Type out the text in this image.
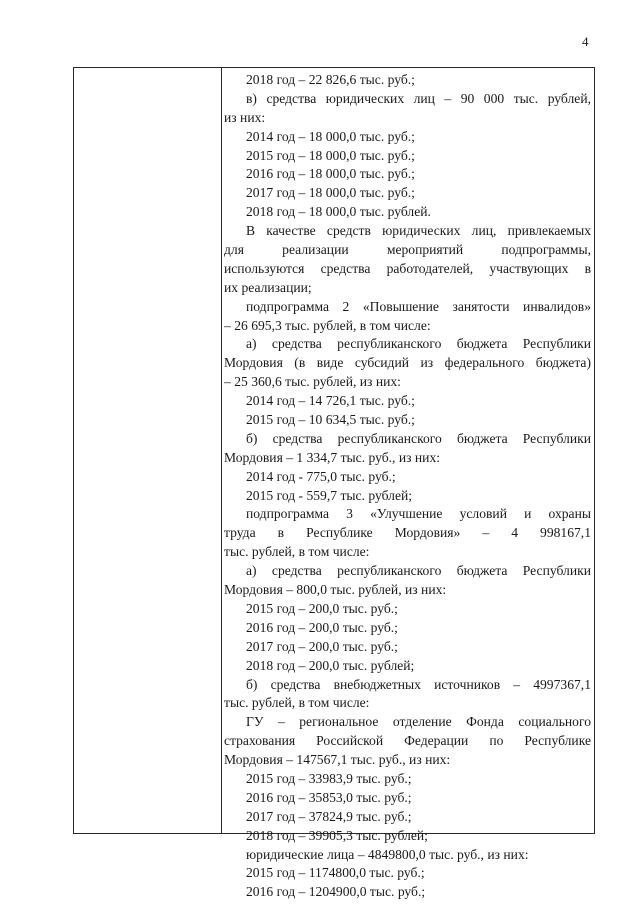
4
2018 год – 22 826,6 тыс. руб.;
в) средства юридических лиц – 90 000 тыс. рублей,
из них:
2014 год – 18 000,0 тыс. руб.;
2015 год – 18 000,0 тыс. руб.;
2016 год – 18 000,0 тыс. руб.;
2017 год – 18 000,0 тыс. руб.;
2018 год – 18 000,0 тыс. рублей.
В качестве средств юридических лиц, привлекаемых
для реализации мероприятий подпрограммы,
используются средства работодателей, участвующих в
их реализации;
подпрограмма 2 «Повышение занятости инвалидов»
– 26 695,3 тыс. рублей, в том числе:
а) средства республиканского бюджета Республики
Мордовия (в виде субсидий из федерального бюджета)
– 25 360,6 тыс. рублей, из них:
2014 год – 14 726,1 тыс. руб.;
2015 год – 10 634,5 тыс. руб.;
б) средства республиканского бюджета Республики
Мордовия – 1 334,7 тыс. руб., из них:
2014 год - 775,0 тыс. руб.;
2015 год - 559,7 тыс. рублей;
подпрограмма 3 «Улучшение условий и охраны
труда в Республике Мордовия» – 4 998167,1
тыс. рублей, в том числе:
а) средства республиканского бюджета Республики
Мордовия – 800,0 тыс. рублей, из них:
2015 год – 200,0 тыс. руб.;
2016 год – 200,0 тыс. руб.;
2017 год – 200,0 тыс. руб.;
2018 год – 200,0 тыс. рублей;
б) средства внебюджетных источников – 4997367,1
тыс. рублей, в том числе:
ГУ – региональное отделение Фонда социального
страхования Российской Федерации по Республике
Мордовия – 147567,1 тыс. руб., из них:
2015 год – 33983,9 тыс. руб.;
2016 год – 35853,0 тыс. руб.;
2017 год – 37824,9 тыс. руб.;
2018 год – 39905,3 тыс. рублей;
юридические лица – 4849800,0 тыс. руб., из них:
2015 год – 1174800,0 тыс. руб.;
2016 год – 1204900,0 тыс. руб.;
